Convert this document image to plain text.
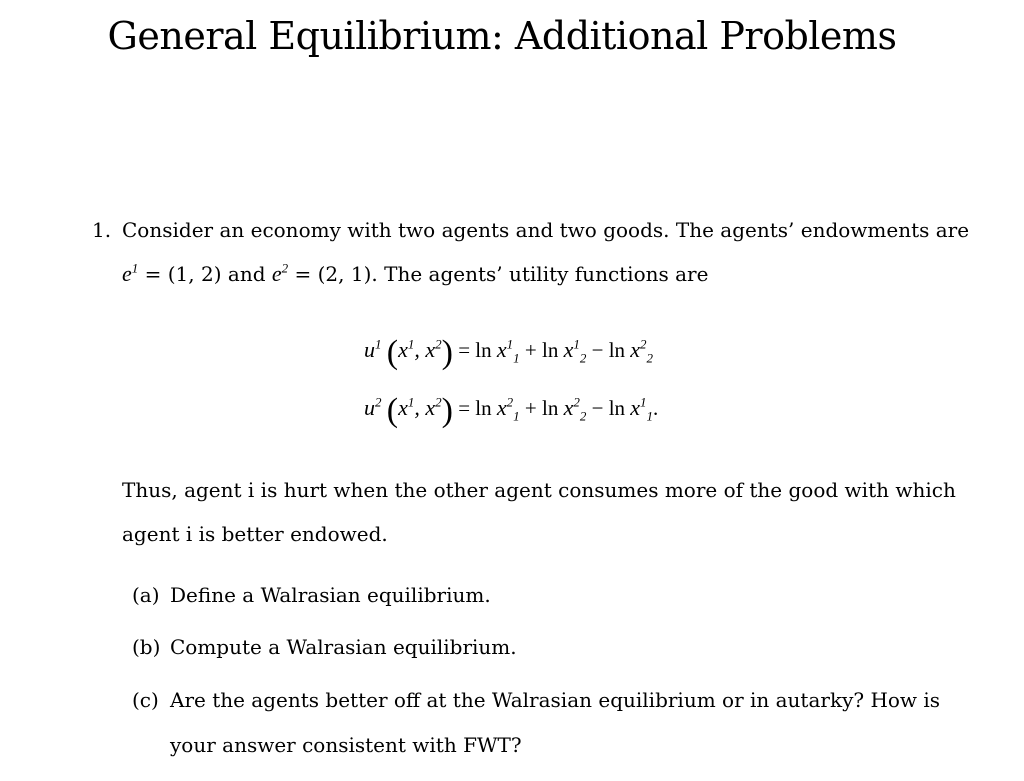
General Equilibrium: Additional Problems
1. Consider an economy with two agents and two goods. The agents’ endowments are
$e^1 = (1$, 2) and $e^2 = (2$, 1). The agents’ utility functions are
$u^1$ ($x^1$, $x^2) = \ln x^1_1 + \ln x^1_2 - \ln x^2_2$
$u^2$ ($x^1$, $x^2) = \ln x^2_1 + \ln x^2_2 - \ln x^1_1$.
Thus, agent i is hurt when the other agent consumes more of the good with which
agent i is better endowed.
(a) Define a Walrasian equilibrium.
(b) Compute a Walrasian equilibrium.
(c) Are the agents better off at the Walrasian equilibrium or in autarky? How is
your answer consistent with FWT?
